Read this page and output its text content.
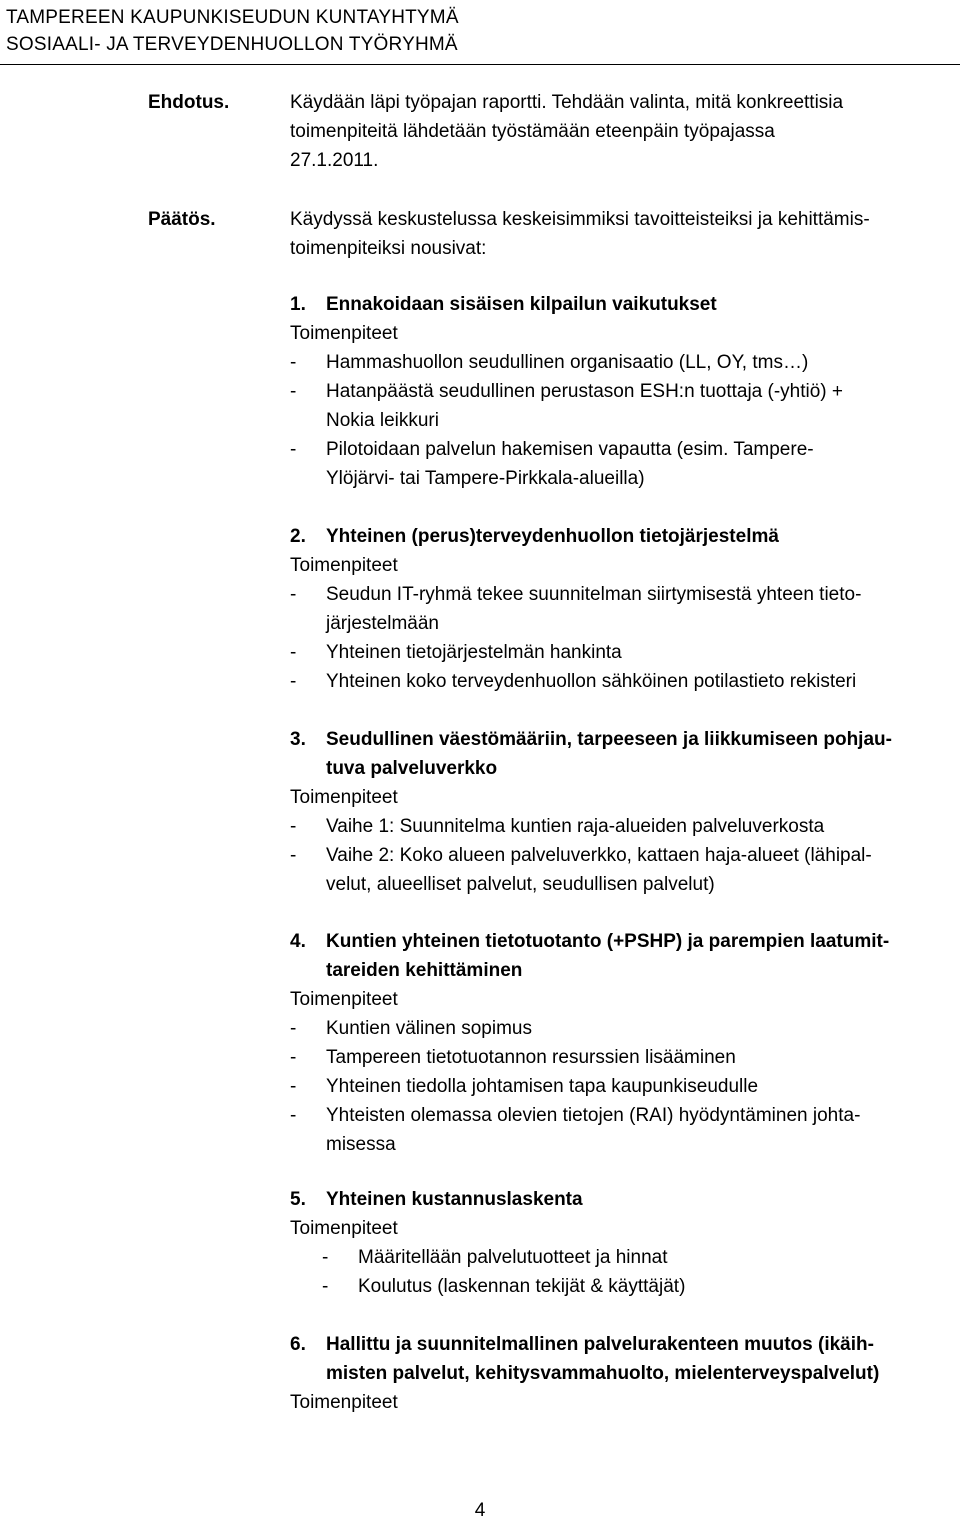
TAMPEREEN KAUPUNKISEUDUN KUNTAYHTYMÄ
SOSIAALI- JA TERVEYDENHUOLLON TYÖRYHMÄ
Ehdotus.	Käydään läpi työpajan raportti. Tehdään valinta, mitä konkreettisia
toimenpiteitä lähdetään työstämään eteenpäin työpajassa
27.1.2011.
Päätös.	Käydyssä keskustelussa keskeisimmiksi tavoitteisteiksi ja kehittämis-
toimenpiteiksi nousivat:
1. Ennakoidaan sisäisen kilpailun vaikutukset
Toimenpiteet
- Hammashuollon seudullinen organisaatio (LL, OY, tms…)
- Hatanpäästä seudullinen perustason ESH:n tuottaja (-yhtiö) +
Nokia leikkuri
- Pilotoidaan palvelun hakemisen vapautta (esim. Tampere-
Ylöjärvi- tai Tampere-Pirkkala-alueilla)
2. Yhteinen (perus)terveydenhuollon tietojärjestelmä
Toimenpiteet
- Seudun IT-ryhmä tekee suunnitelman siirtymisestä yhteen tieto-
järjestelmään
- Yhteinen tietojärjestelmän hankinta
- Yhteinen koko terveydenhuollon sähköinen potilastieto rekisteri
3. Seudullinen väestömääriin, tarpeeseen ja liikkumiseen pohjau-
tuva palveluverkko
Toimenpiteet
- Vaihe 1: Suunnitelma kuntien raja-alueiden palveluverkosta
- Vaihe 2: Koko alueen palveluverkko, kattaen haja-alueet (lähipal-
velut, alueelliset palvelut, seudullisen palvelut)
4. Kuntien yhteinen tietotuotanto (+PSHP) ja parempien laatumit-
tareiden kehittäminen
Toimenpiteet
- Kuntien välinen sopimus
- Tampereen tietotuotannon resurssien lisääminen
- Yhteinen tiedolla johtamisen tapa kaupunkiseudulle
- Yhteisten olemassa olevien tietojen (RAI) hyödyntäminen johta-
misessa
5. Yhteinen kustannuslaskenta
Toimenpiteet
- Määritellään palvelutuotteet ja hinnat
- Koulutus (laskennan tekijät & käyttäjät)
6. Hallittu ja suunnitelmallinen palvelurakenteen muutos (ikäih-
misten palvelut, kehitysvammahuolto, mielenterveyspalvelut)
Toimenpiteet
4
